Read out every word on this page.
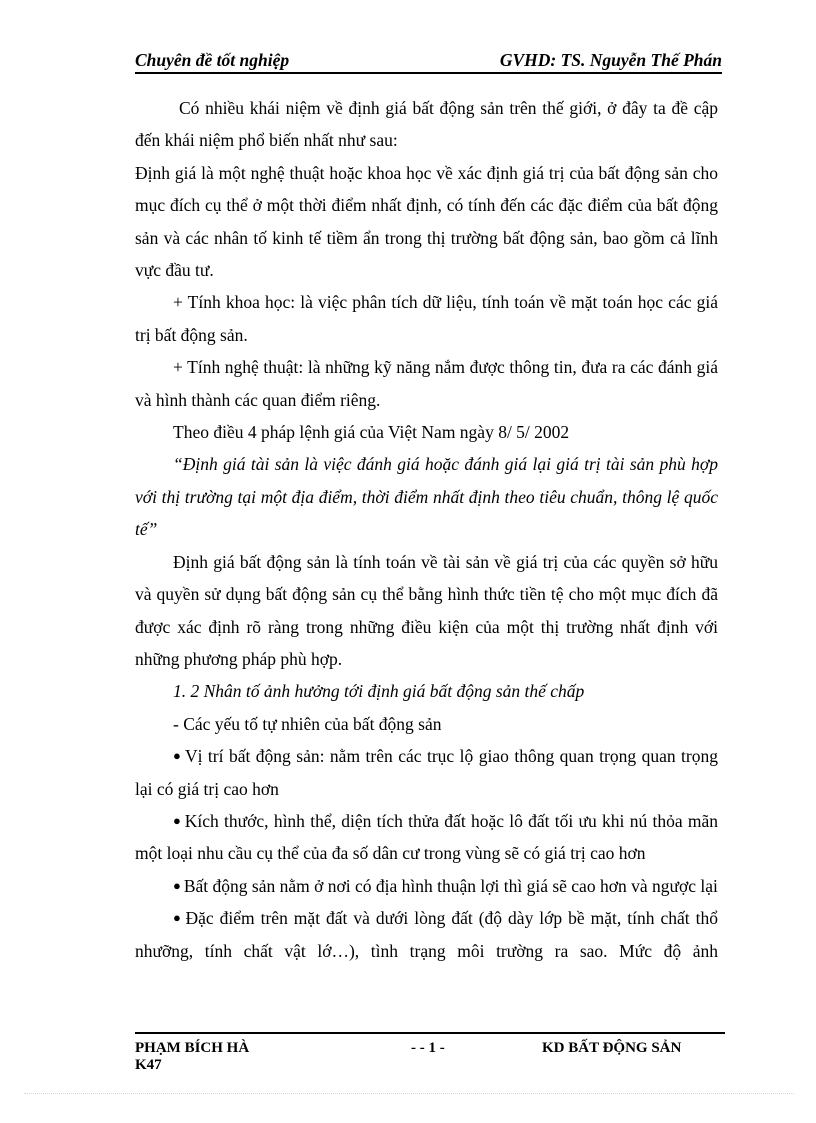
Chuyên đề tốt nghiệp	GVHD: TS. Nguyễn Thế Phán

Có nhiều khái niệm về định giá bất động sản trên thế giới, ở đây ta đề cập đến khái niệm phổ biến nhất như sau:

Định giá là một nghệ thuật hoặc khoa học về xác định giá trị của bất động sản cho mục đích cụ thể ở một thời điểm nhất định, có tính đến các đặc điểm của bất động sản và các nhân tố kinh tế tiềm ẩn trong thị trường bất động sản, bao gồm cả lĩnh vực đầu tư.

+ Tính khoa học: là việc phân tích dữ liệu, tính toán về mặt toán học các giá trị bất động sản.

+ Tính nghệ thuật: là những kỹ năng nắm được thông tin, đưa ra các đánh giá và hình thành các quan điểm riêng.

Theo điều 4 pháp lệnh giá của Việt Nam ngày 8/ 5/ 2002

“Định giá tài sản là việc đánh giá hoặc đánh giá lại giá trị tài sản phù hợp với thị trường tại một địa điểm, thời điểm nhất định theo tiêu chuẩn, thông lệ quốc tế”

Định giá bất động sản là tính toán về tài sản về giá trị của các quyền sở hữu và quyền sử dụng bất động sản cụ thể bằng hình thức tiền tệ cho một mục đích đã được xác định rõ ràng trong những điều kiện của một thị trường nhất định với những phương pháp phù hợp.

1. 2 Nhân tố ảnh hưởng tới định giá bất động sản thế chấp

- Các yếu tố tự nhiên của bất động sản

● Vị trí bất động sản: nằm trên các trục lộ giao thông quan trọng quan trọng lại có giá trị cao hơn

● Kích thước, hình thể, diện tích thửa đất hoặc lô đất tối ưu khi nú thỏa mãn một loại nhu cầu cụ thể của đa số dân cư trong vùng sẽ có giá trị cao hơn

● Bất động sản nằm ở nơi có địa hình thuận lợi thì giá sẽ cao hơn và ngược lại

● Đặc điểm trên mặt đất và dưới lòng đất (độ dày lớp bề mặt, tính chất thổ nhưỡng, tính chất vật lớ…), tình trạng môi trường ra sao. Mức độ ảnh

PHẠM BÍCH HÀ
K47
- - 1 -	KD BẤT ĐỘNG SẢN
